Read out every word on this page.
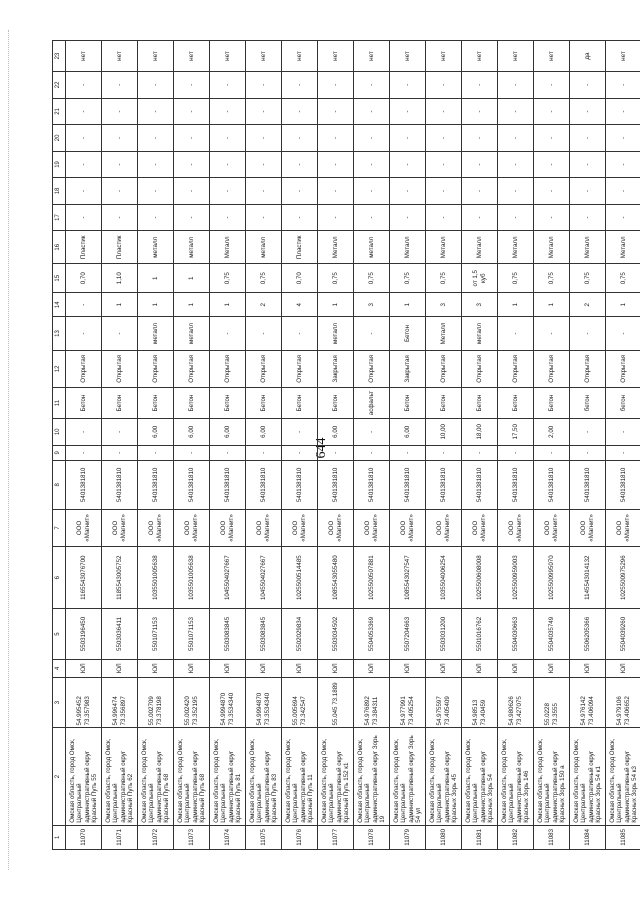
644
1	2	3	4	5	6	7	8	9	10	11	12	13	14	15	16	17	18	19	20	21	22	23
11070	Омская область, город Омск, Центральный административный округ Красный Путь 55	54.995452 73.357983	ЮЛ	5503196450	1165543076700	ООО «Магнит»	5401381810	-	-	Бетон	Открытая	-	-	0,70	Пластик	-	-	-	-	-	-	нет
11071	Омская область, город Омск, Центральный административный округ Красный Путь 62	54.996474 73.356897	ЮЛ	5503036411	1185543005752	ООО «Магнит»	5401381810	-	-	Бетон	Открытая	-	1	1,10	Пластик	-	-	-	-	-	-	нет
11072	Омская область, город Омск, Центральный административный округ Красный Путь 68	55.002709 73.378198	ЮЛ	5501071153	1035501005638	ООО «Магнит»	5401381810	-	6,00	Бетон	Открытая	металл	1	1	металл	-	-	-	-	-	-	нет
11073	Омская область, город Омск, Центральный административный округ Красный Путь 68	55.002420 73.352195	ЮЛ	5501071153	1035501005638	ООО «Магнит»	5401381810	-	6,00	Бетон	Открытая	металл	1	1	металл	-	-	-	-	-	-	нет
11074	Омская область, город Омск, Центральный административный округ Красный Путь 81	54.9994870 73.3534340	ЮЛ	5503083845	1045504027667	ООО «Магнит»	5401381810	-	6,00	Бетон	Открытая	-	1	0,75	Металл	-	-	-	-	-	-	нет
11075	Омская область, город Омск, Центральный административный округ Красный Путь 83	54.9994870 73.3534340	ЮЛ	5503083845	1045504027667	ООО «Магнит»	5401381810	-	6,00	Бетон	Открытая	-	2	0,75	металл	-	-	-	-	-	-	нет
11076	Омская область, город Омск, Центральный административный округ Красный Путь 11	55.005694 73.342547	ЮЛ	5502029834	1025500514485	ООО «Магнит»	5401381810	-	-	Бетон	Открытая	-	4	0,70	Пластик	-	-	-	-	-	-	нет
11077	Омская область, город Омск, Центральный административный округ Красный Путь 152 к1	55.045 73.1889	ЮЛ	5503034502	1085543055480	ООО «Магнит»	5401381810	-	6,00	Бетон	Закрытая	металл	1	0,75	Металл	-	-	-	-	-	-	нет
11078	Омская область, город Омск, Центральный административный округ Зорь 19	54.976892 73.384311	ЮЛ	5504053369	1025500507881	ООО «Магнит»	5401381810	-	-	асфальт	Открытая	-	3	0,75	металл	-	-	-	-	-	-	нет
11079	Омская область, город Омск, Центральный административный округ Зорь 54 ул	54.977991 73.405254	ЮЛ	5507204663	1085543027547	ООО «Магнит»	5401381810	-	6,00	Бетон	Закрытая	Бетон	1	0,75	Металл	-	-	-	-	-	-	нет
11080	Омская область, город Омск, Центральный административный округ Красных Зорь 45	54.975597 73.405409	ЮЛ	5503031200	1035504006254	ООО «Магнит»	5401381810	-	10,00	Бетон	Открытая	Металл	3	0,75	Металл	-	-	-	-	-	-	нет
11081	Омская область, город Омск, Центральный административный округ Красных Зорь 54	54.98513 73.40459	ЮЛ	5501016762	1025500608008	ООО «Магнит»	5401381810	-	18,00	Бетон	Открытая	металл	3	от 1,5 куб	Металл	-	-	-	-	-	-	нет
11082	Омская область, город Омск, Центральный административный округ Красных Зорь 146	54.980626 73.427075	ЮЛ	5504030663	1025500959003	ООО «Магнит»	5401381810	-	17,50	Бетон	Открытая	-	1	0,75	Металл	-	-	-	-	-	-	нет
11083	Омская область, город Омск, Центральный административный округ Красных Зорь 150 а	55.0228 73.3555	ЮЛ	5504035749	1025500995070	ООО «Магнит»	5401381810	-	2,00	Бетон	Открытая	-	1	0,75	Металл	-	-	-	-	-	-	нет
11084	Омская область, город Омск, Центральный административный округ Красных Зорь 54 к1	54.976142 73.406094	ЮЛ	5506205366	1145543014132	ООО «Магнит»	5401381810	-	-	бетон	Открытая	-	2	0,75	Металл	-	-	-	-	-	-	да
11085	Омская область, город Омск, Центральный административный округ Красных Зорь 54 к3	54.979106 73.406652	ЮЛ	5504039260	1025500975296	ООО «Магнит»	5401381810	-	-	бетон	Открытая	-	1	0,75	Металл	-	-	-	-	-	-	нет
